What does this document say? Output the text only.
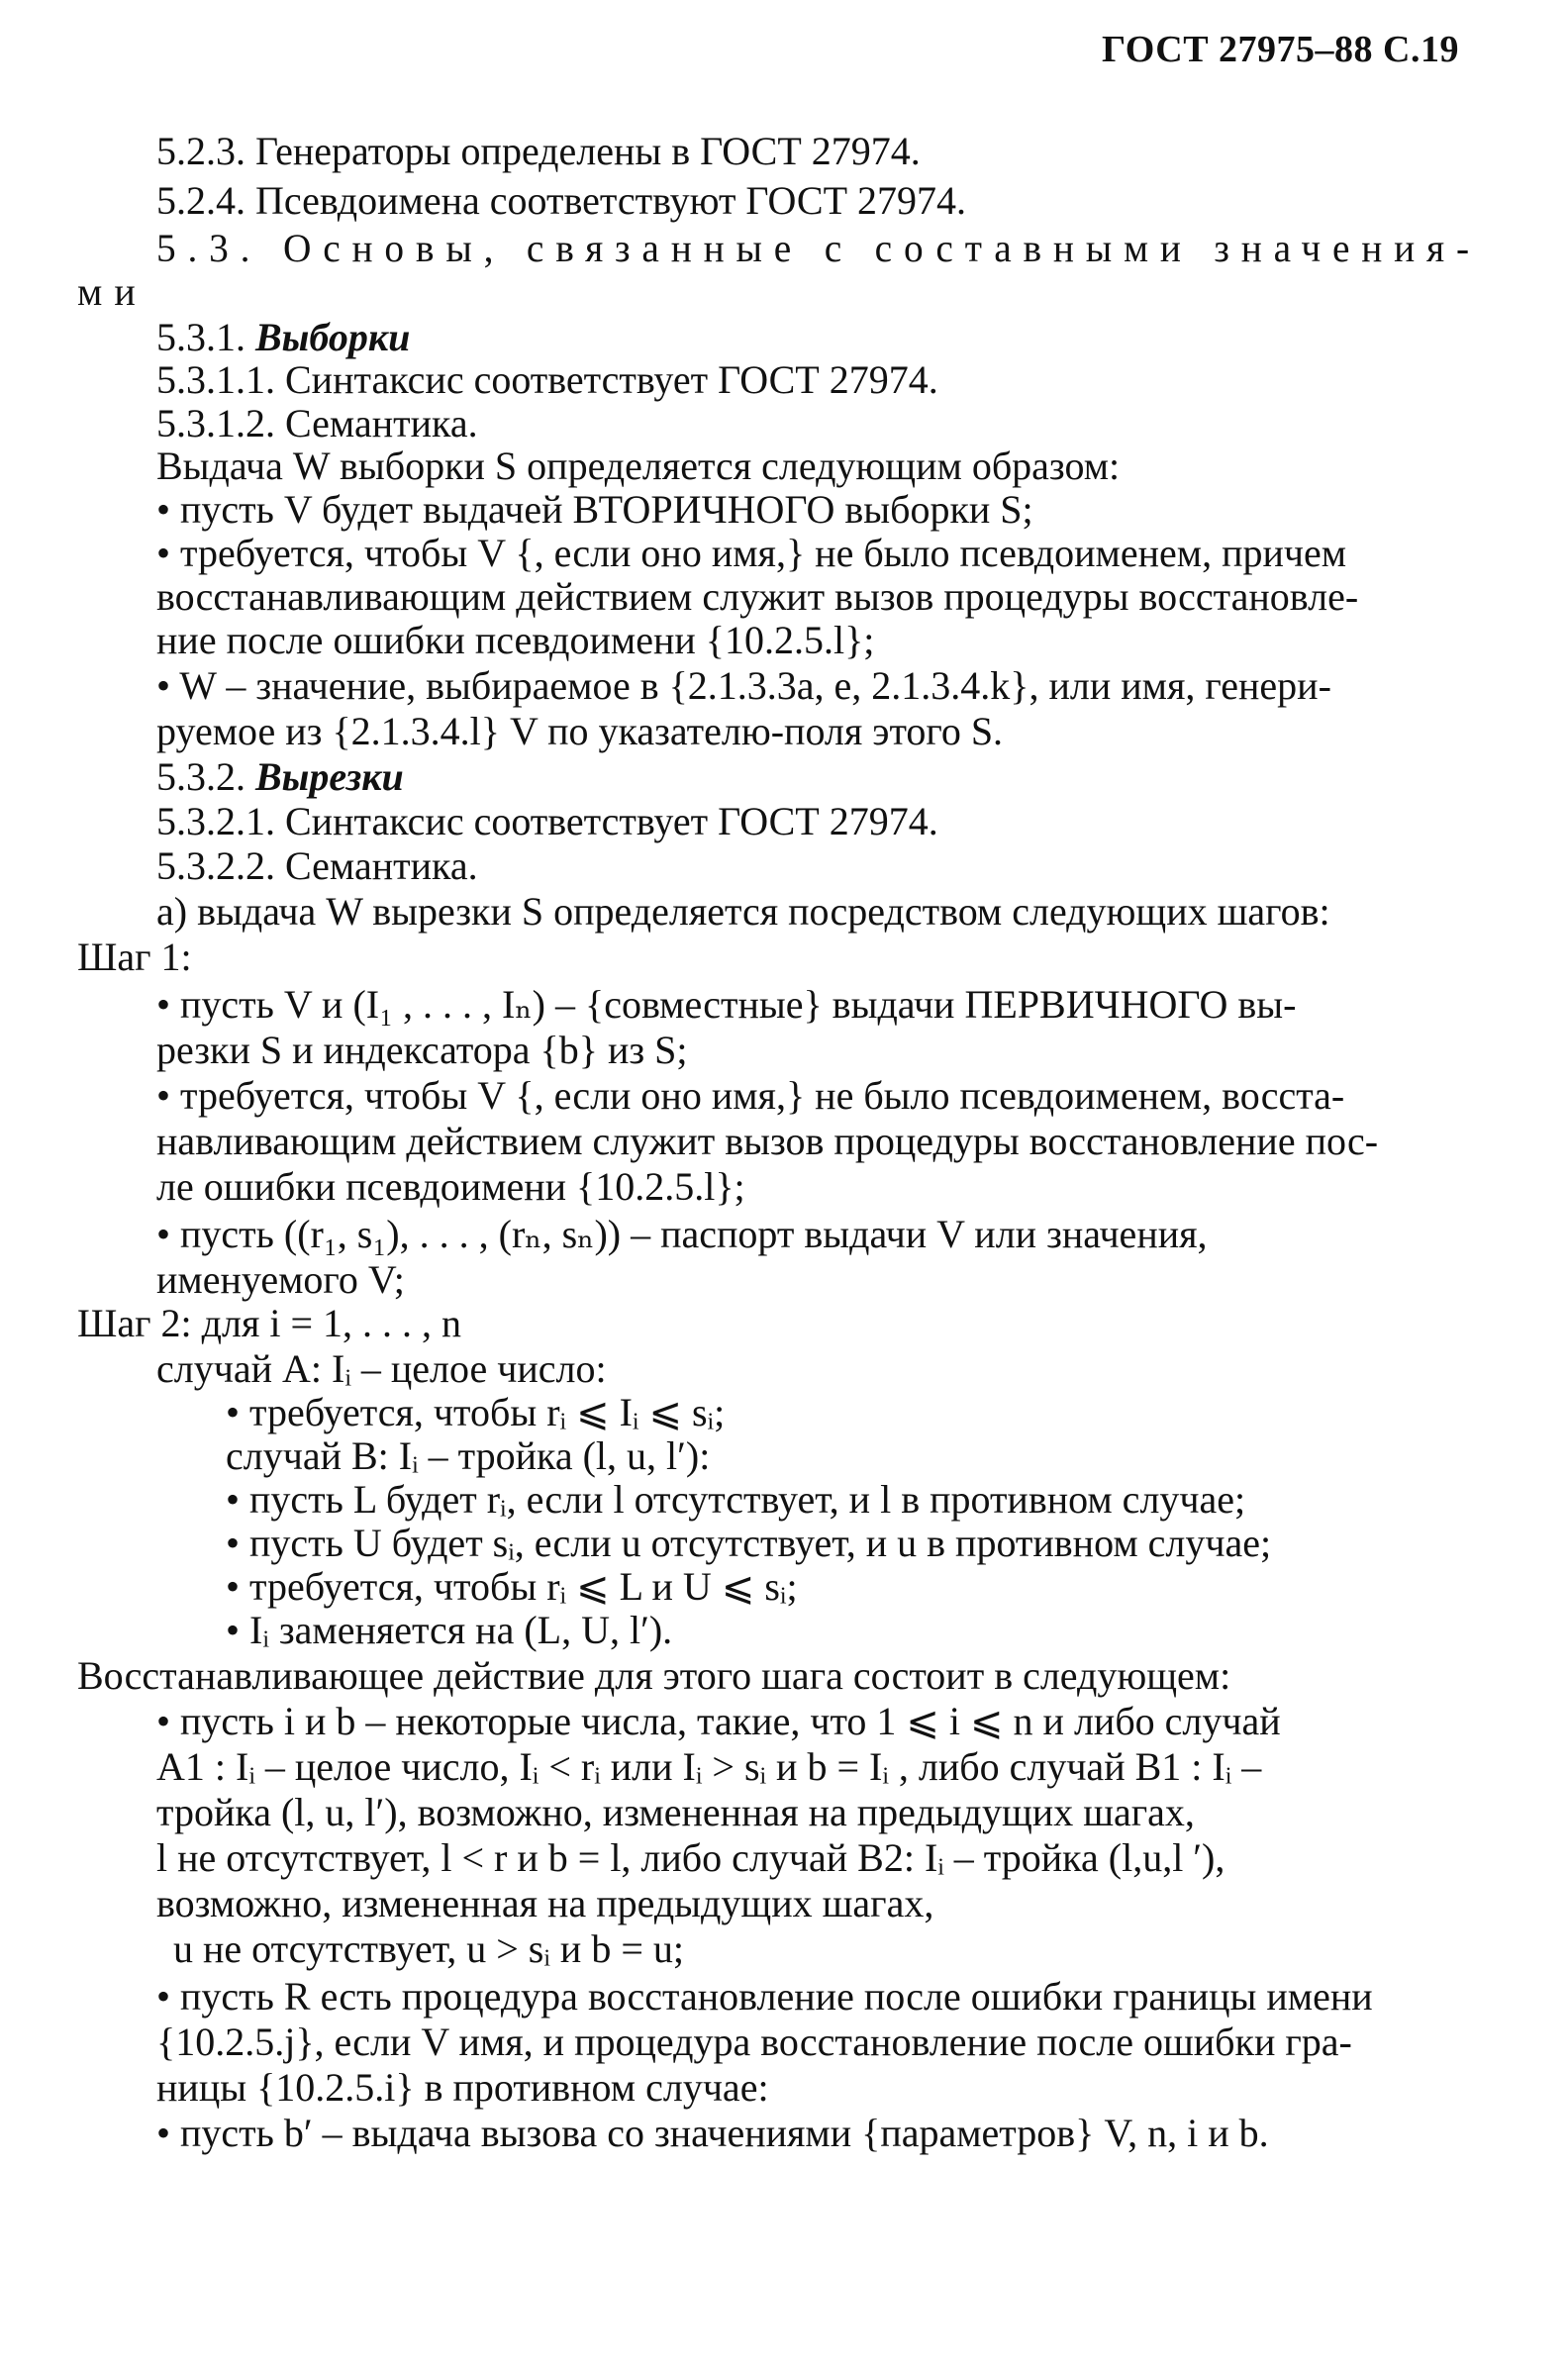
ГОСТ 27975–88 С.19
5.2.3. Генераторы определены в ГОСТ 27974.
5.2.4. Псевдоимена соответствуют ГОСТ 27974.
5.3. Основы, связанные с составными значения-
ми
5.3.1. Выборки
5.3.1.1. Синтаксис соответствует ГОСТ 27974.
5.3.1.2. Семантика.
Выдача W выборки S определяется следующим образом:
• пусть V будет выдачей ВТОРИЧНОГО выборки S;
• требуется, чтобы V {, если оно имя,} не было псевдоименем, причем
восстанавливающим действием служит вызов процедуры восстановле-
ние после ошибки псевдоимени {10.2.5.l};
• W – значение, выбираемое в {2.1.3.3a, e, 2.1.3.4.k}, или имя, генери-
руемое из {2.1.3.4.l} V по указателю-поля этого S.
5.3.2. Вырезки
5.3.2.1. Синтаксис соответствует ГОСТ 27974.
5.3.2.2. Семантика.
а) выдача W вырезки S определяется посредством следующих шагов:
Шаг 1:
• пусть V и (I₁ , . . . , Iₙ) – {совместные} выдачи ПЕРВИЧНОГО вы-
резки S и индексатора {b} из S;
• требуется, чтобы V {, если оно имя,} не было псевдоименем, восста-
навливающим действием служит вызов процедуры восстановление пос-
ле ошибки псевдоимени {10.2.5.l};
• пусть ((r₁, s₁), . . . , (rₙ, sₙ)) – паспорт выдачи V или значения,
именуемого V;
Шаг 2: для i = 1, . . . , n
случай А: Iᵢ – целое число:
• требуется, чтобы rᵢ ⩽ Iᵢ ⩽ sᵢ;
случай В: Iᵢ – тройка (l, u, l′):
• пусть L будет rᵢ, если l отсутствует, и l в противном случае;
• пусть U будет sᵢ, если u отсутствует, и u в противном случае;
• требуется, чтобы rᵢ ⩽ L и U ⩽ sᵢ;
• Iᵢ заменяется на (L, U, l′).
Восстанавливающее действие для этого шага состоит в следующем:
• пусть i и b – некоторые числа, такие, что 1 ⩽ i ⩽ n и либо случай
А1 : Iᵢ – целое число, Iᵢ < rᵢ или Iᵢ > sᵢ и b = Iᵢ , либо случай В1 : Iᵢ –
тройка (l, u, l′), возможно, измененная на предыдущих шагах,
l не отсутствует, l < r и b = l, либо случай В2: Iᵢ – тройка (l,u,l ′),
возможно, измененная на предыдущих шагах,
u не отсутствует, u > sᵢ и b = u;
• пусть R есть процедура восстановление после ошибки границы имени
{10.2.5.j}, если V имя, и процедура восстановление после ошибки гра-
ницы {10.2.5.i} в противном случае:
• пусть b′ – выдача вызова со значениями {параметров} V, n, i и b.
